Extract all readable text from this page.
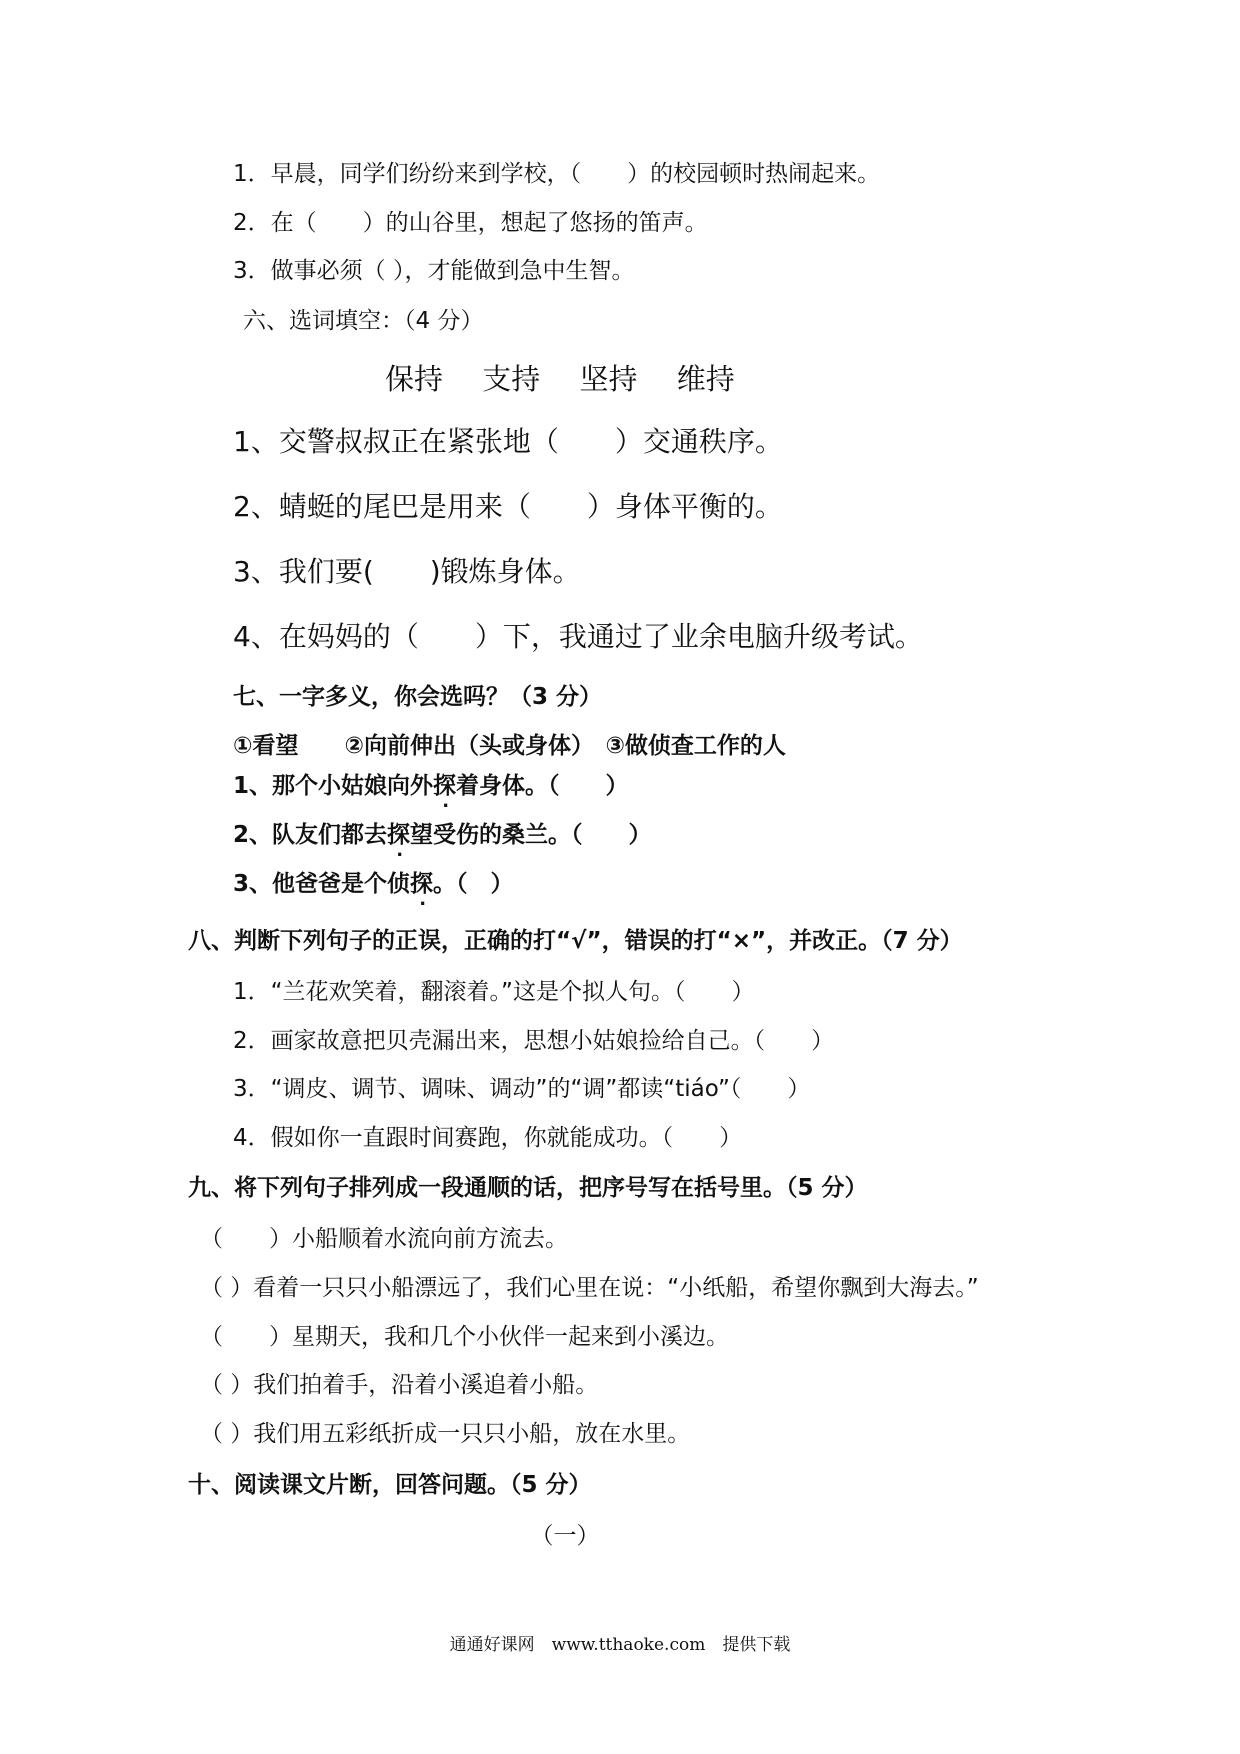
1．早晨，同学们纷纷来到学校，（　　）的校园顿时热闹起来。
2．在（　　）的山谷里，想起了悠扬的笛声。
3．做事必须（ ），才能做到急中生智。
六、选词填空：（4 分）
保持 支持 坚持 维持
1、交警叔叔正在紧张地（　　）交通秩序。
2、蜻蜓的尾巴是用来（　　）身体平衡的。
3、我们要(　　)锻炼身体。
4、在妈妈的（　　）下，我通过了业余电脑升级考试。
七、一字多义，你会选吗？（3 分）
①看望　　②向前伸出（头或身体）　③做侦查工作的人
1、那个小姑娘向外探着身体。（　　）
2、队友们都去探望受伤的桑兰。（　　）
3、他爸爸是个侦探。（　）
八、判断下列句子的正误，正确的打“√”，错误的打“×”，并改正。（7 分）
1．“兰花欢笑着，翻滚着。”这是个拟人句。（　　）
2．画家故意把贝壳漏出来，思想小姑娘捡给自己。（　　）
3．“调皮、调节、调味、调动”的“调”都读“tiáo”（　　）
4．假如你一直跟时间赛跑，你就能成功。（　　）
九、将下列句子排列成一段通顺的话，把序号写在括号里。（5 分）
（　　）小船顺着水流向前方流去。
（ ）看着一只只小船漂远了，我们心里在说：“小纸船，希望你飘到大海去。”
（　　）星期天，我和几个小伙伴一起来到小溪边。
（ ）我们拍着手，沿着小溪追着小船。
（ ）我们用五彩纸折成一只只小船，放在水里。
十、阅读课文片断，回答问题。（5 分）
（一）
通通好课网　www.tthaoke.com　提供下载
